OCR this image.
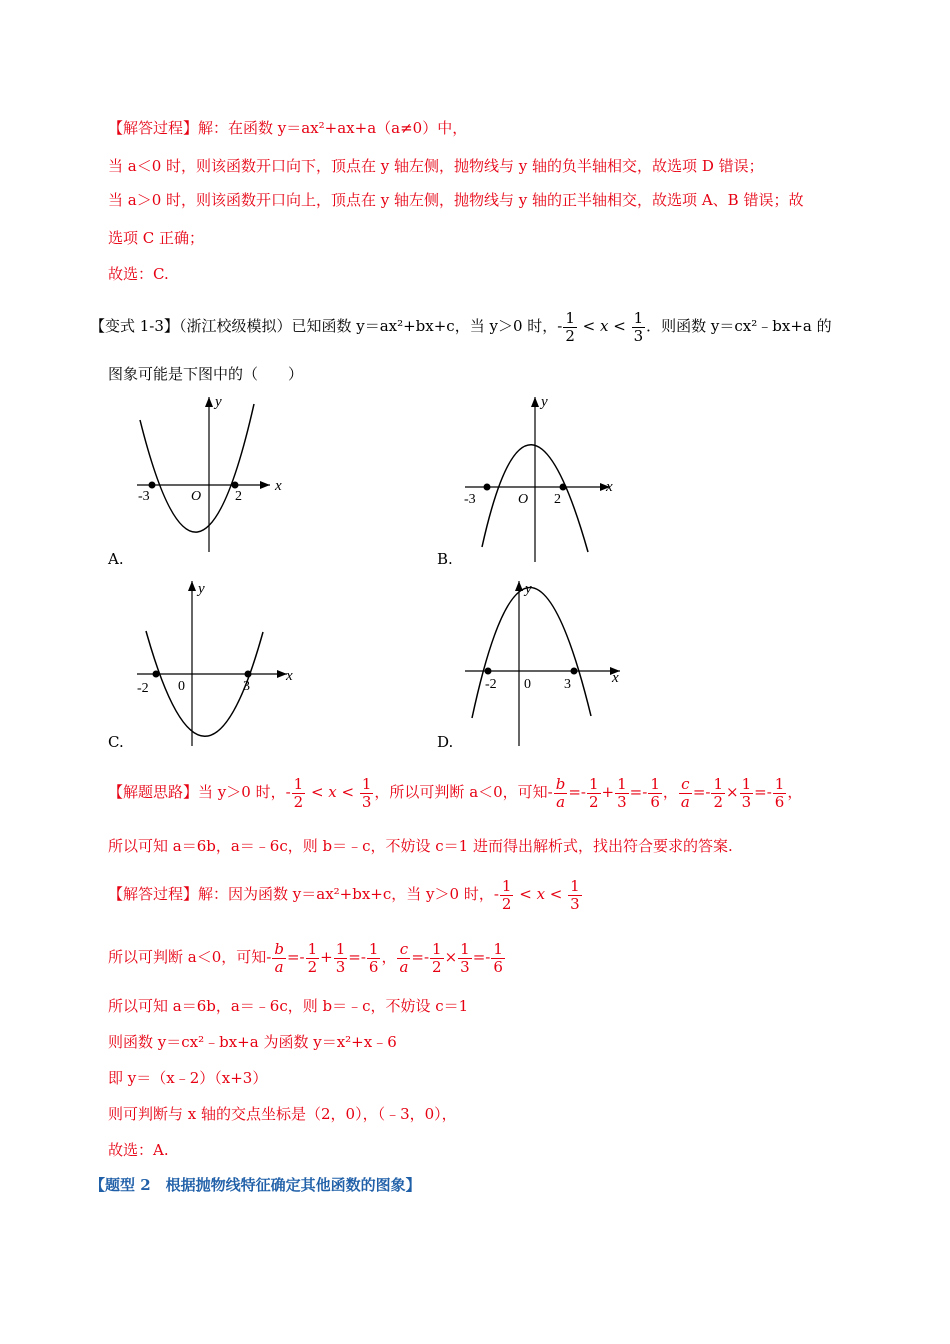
【解答过程】解：在函数 y＝ax²+ax+a（a≠0）中，
当 a＜0 时，则该函数开口向下，顶点在 y 轴左侧，抛物线与 y 轴的负半轴相交，故选项 D 错误；
当 a＞0 时，则该函数开口向上，顶点在 y 轴左侧，抛物线与 y 轴的正半轴相交，故选项 A、B 错误；故
选项 C 正确；
故选：C.
【变式 1-3】（浙江校级模拟）已知函数 y＝ax²+bx+c，当 y＞0 时，- $\frac{1}{2} < x < \frac{1}{3}$ ．则函数 y＝cx²﹣bx+a 的
图象可能是下图中的（　　）
y
x
-3	O 2
A.
y
x
-3	O 2
B.
y
x
-2 0	3
C.
y
x
-2 0 3
D.
【解题思路】当 y＞0 时，- $\frac{1}{2} < x < \frac{1}{3}$ ，所以可判断 a＜0，可知- $\frac{b}{a} =- \frac{1}{2} + \frac{1}{3} =- \frac{1}{6}$ ， $\frac{c}{a} =- \frac{1}{2} \times \frac{1}{3} =- \frac{1}{6}$ ，
所以可知 a＝6b，a＝﹣6c，则 b＝﹣c，不妨设 c＝1 进而得出解析式，找出符合要求的答案.
【解答过程】解：因为函数 y＝ax²+bx+c，当 y＞0 时，- $\frac{1}{2} < x < \frac{1}{3}$
所以可判断 a＜0，可知- $\frac{b}{a} =- \frac{1}{2} + \frac{1}{3} =- \frac{1}{6}$ ， $\frac{c}{a} =- \frac{1}{2} \times \frac{1}{3} =- \frac{1}{6}$
所以可知 a＝6b，a＝﹣6c，则 b＝﹣c，不妨设 c＝1
则函数 y＝cx²﹣bx+a 为函数 y＝x²+x﹣6
即 y＝（x﹣2）（x+3）
则可判断与 x 轴的交点坐标是（2，0），（﹣3，0），
故选：A.
【题型 2　根据抛物线特征确定其他函数的图象】
